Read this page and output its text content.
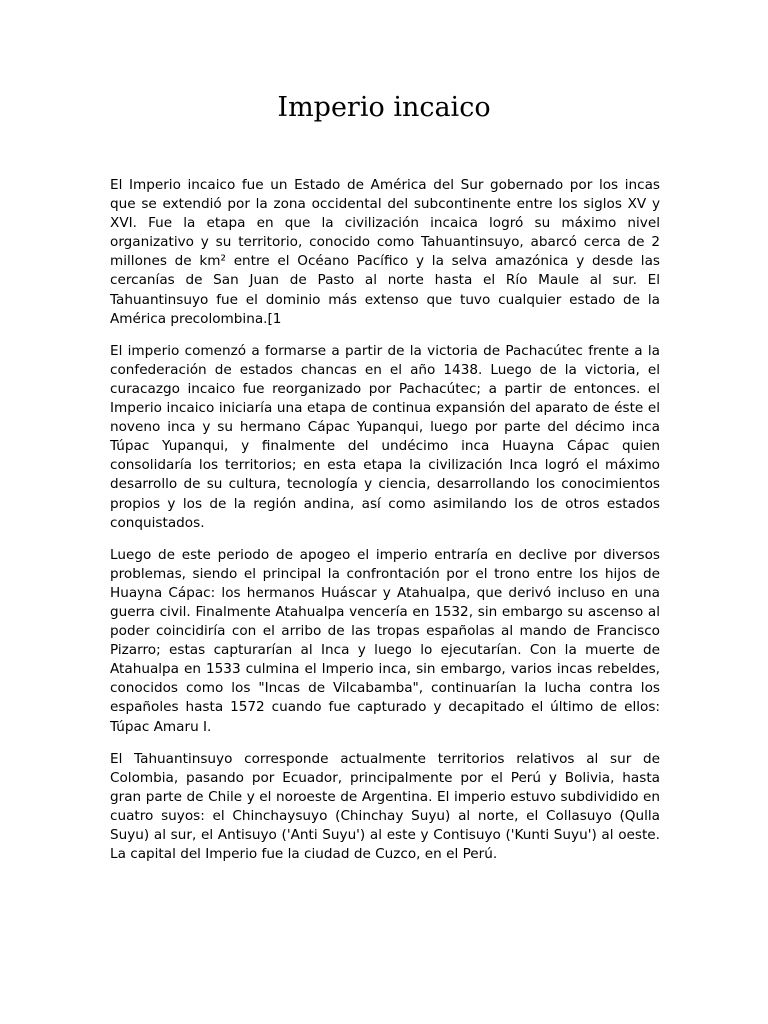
Imperio incaico

El Imperio incaico fue un Estado de América del Sur gobernado por los incas que se extendió por la zona occidental del subcontinente entre los siglos XV y XVI. Fue la etapa en que la civilización incaica logró su máximo nivel organizativo y su territorio, conocido como Tahuantinsuyo, abarcó cerca de 2 millones de km² entre el Océano Pacífico y la selva amazónica y desde las cercanías de San Juan de Pasto al norte hasta el Río Maule al sur. El Tahuantinsuyo fue el dominio más extenso que tuvo cualquier estado de la América precolombina.[1

El imperio comenzó a formarse a partir de la victoria de Pachacútec frente a la confederación de estados chancas en el año 1438. Luego de la victoria, el curacazgo incaico fue reorganizado por Pachacútec; a partir de entonces. el Imperio incaico iniciaría una etapa de continua expansión del aparato de éste el noveno inca y su hermano Cápac Yupanqui, luego por parte del décimo inca Túpac Yupanqui, y finalmente del undécimo inca Huayna Cápac quien consolidaría los territorios; en esta etapa la civilización Inca logró el máximo desarrollo de su cultura, tecnología y ciencia, desarrollando los conocimientos propios y los de la región andina, así como asimilando los de otros estados conquistados.

Luego de este periodo de apogeo el imperio entraría en declive por diversos problemas, siendo el principal la confrontación por el trono entre los hijos de Huayna Cápac: los hermanos Huáscar y Atahualpa, que derivó incluso en una guerra civil. Finalmente Atahualpa vencería en 1532, sin embargo su ascenso al poder coincidiría con el arribo de las tropas españolas al mando de Francisco Pizarro; estas capturarían al Inca y luego lo ejecutarían. Con la muerte de Atahualpa en 1533 culmina el Imperio inca, sin embargo, varios incas rebeldes, conocidos como los "Incas de Vilcabamba", continuarían la lucha contra los españoles hasta 1572 cuando fue capturado y decapitado el último de ellos: Túpac Amaru I.

El Tahuantinsuyo corresponde actualmente territorios relativos al sur de Colombia, pasando por Ecuador, principalmente por el Perú y Bolivia, hasta gran parte de Chile y el noroeste de Argentina. El imperio estuvo subdividido en cuatro suyos: el Chinchaysuyo (Chinchay Suyu) al norte, el Collasuyo (Qulla Suyu) al sur, el Antisuyo ('Anti Suyu') al este y Contisuyo ('Kunti Suyu') al oeste. La capital del Imperio fue la ciudad de Cuzco, en el Perú.
